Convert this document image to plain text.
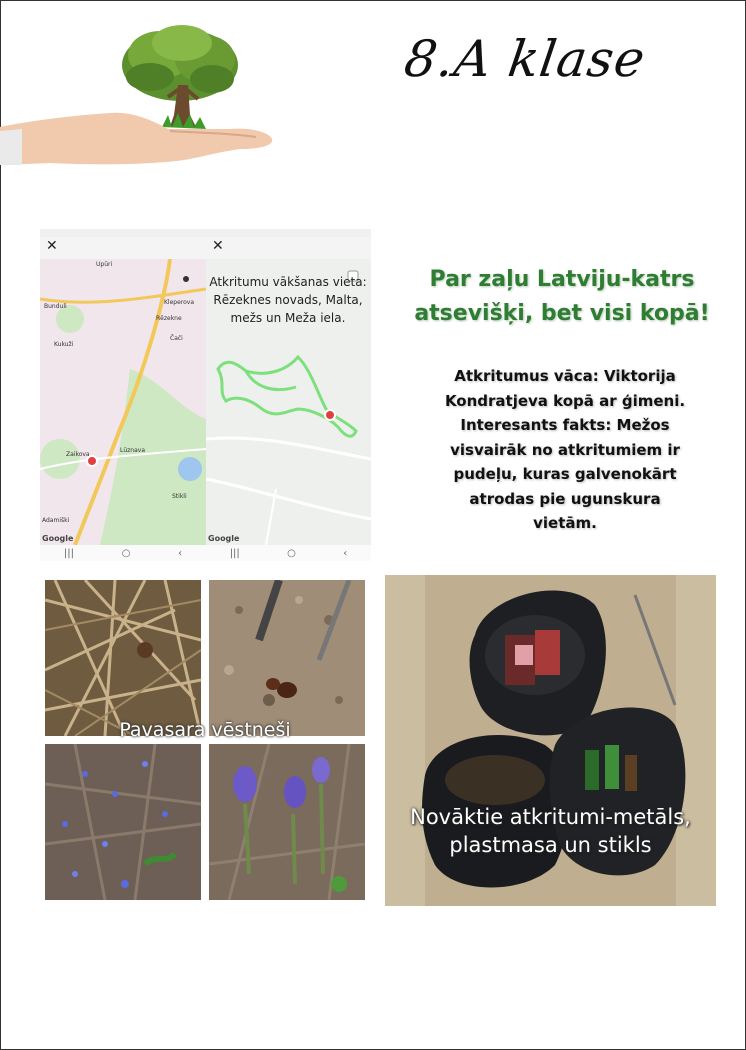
8.A klase
✕
Upūri
Bunduli
Kleperova
Rēzekne
Kukuži
Čači
Zaikova
Lūznava
Stikli
Adamiški
Google
|||	○	‹
✕
Atkritumu vākšanas vieta: Rēzeknes novads, Malta, mežs un Meža iela.
Google
|||	○	‹
Par zaļu Latviju-katrs atsevišķi, bet visi kopā!
Atkritumus vāca: Viktorija Kondratjeva kopā ar ģimeni. Interesants fakts: Mežos visvairāk no atkritumiem ir pudeļu, kuras galvenokārt atrodas pie ugunskura vietām.
Pavasara vēstneši
Novāktie atkritumi-metāls, plastmasa un stikls
